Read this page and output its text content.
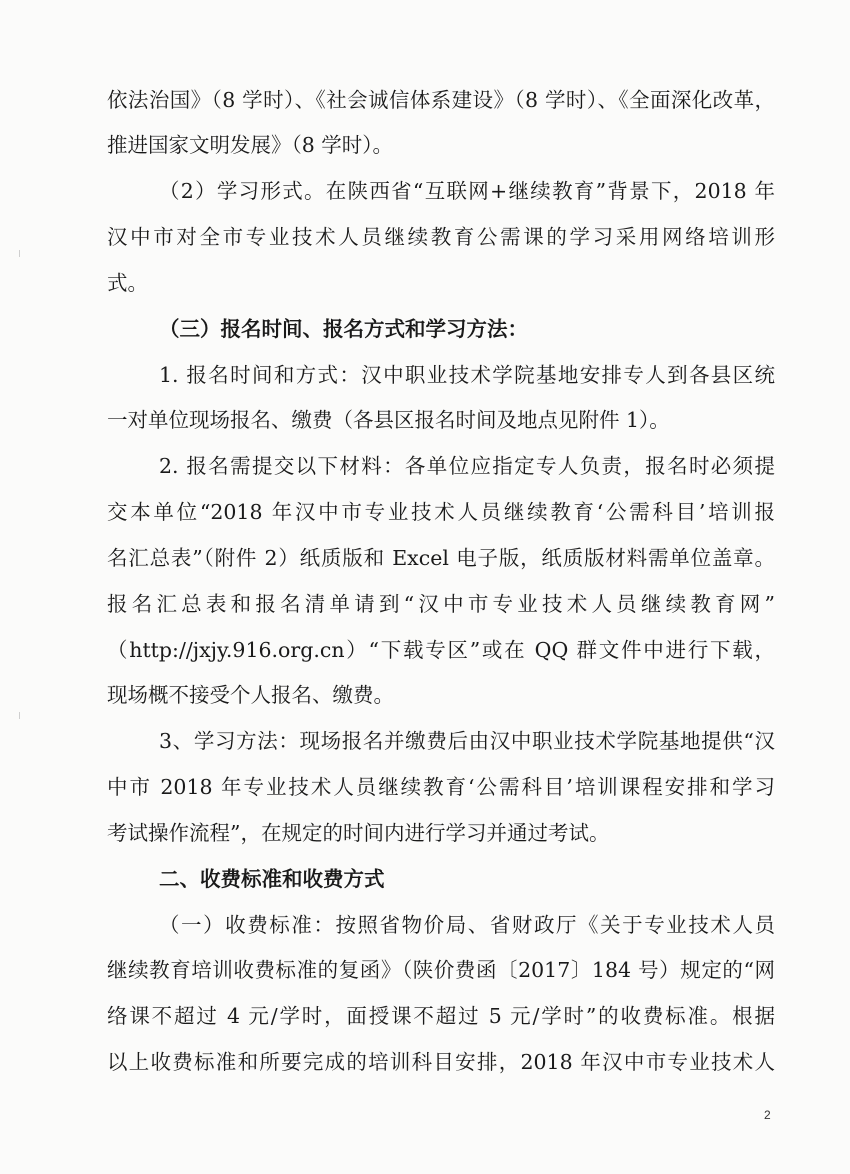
依法治国》（8 学时）、《社会诚信体系建设》（8 学时）、《全面深化改革，
推进国家文明发展》（8 学时）。
（2）学习形式。在陕西省“互联网+继续教育”背景下，2018 年
汉中市对全市专业技术人员继续教育公需课的学习采用网络培训形
式。
（三）报名时间、报名方式和学习方法：
1. 报名时间和方式：汉中职业技术学院基地安排专人到各县区统
一对单位现场报名、缴费（各县区报名时间及地点见附件 1）。
2. 报名需提交以下材料：各单位应指定专人负责，报名时必须提
交本单位“2018 年汉中市专业技术人员继续教育‘公需科目’培训报
名汇总表”（附件 2）纸质版和 Excel 电子版，纸质版材料需单位盖章。
报名汇总表和报名清单请到“汉中市专业技术人员继续教育网”
（http://jxjy.916.org.cn）“下载专区”或在 QQ 群文件中进行下载，
现场概不接受个人报名、缴费。
3、学习方法：现场报名并缴费后由汉中职业技术学院基地提供“汉
中市 2018 年专业技术人员继续教育‘公需科目’培训课程安排和学习
考试操作流程”，在规定的时间内进行学习并通过考试。
二、收费标准和收费方式
（一）收费标准：按照省物价局、省财政厅《关于专业技术人员
继续教育培训收费标准的复函》（陕价费函〔2017〕184 号）规定的“网
络课不超过 4 元/学时，面授课不超过 5 元/学时”的收费标准。根据
以上收费标准和所要完成的培训科目安排，2018 年汉中市专业技术人
2
